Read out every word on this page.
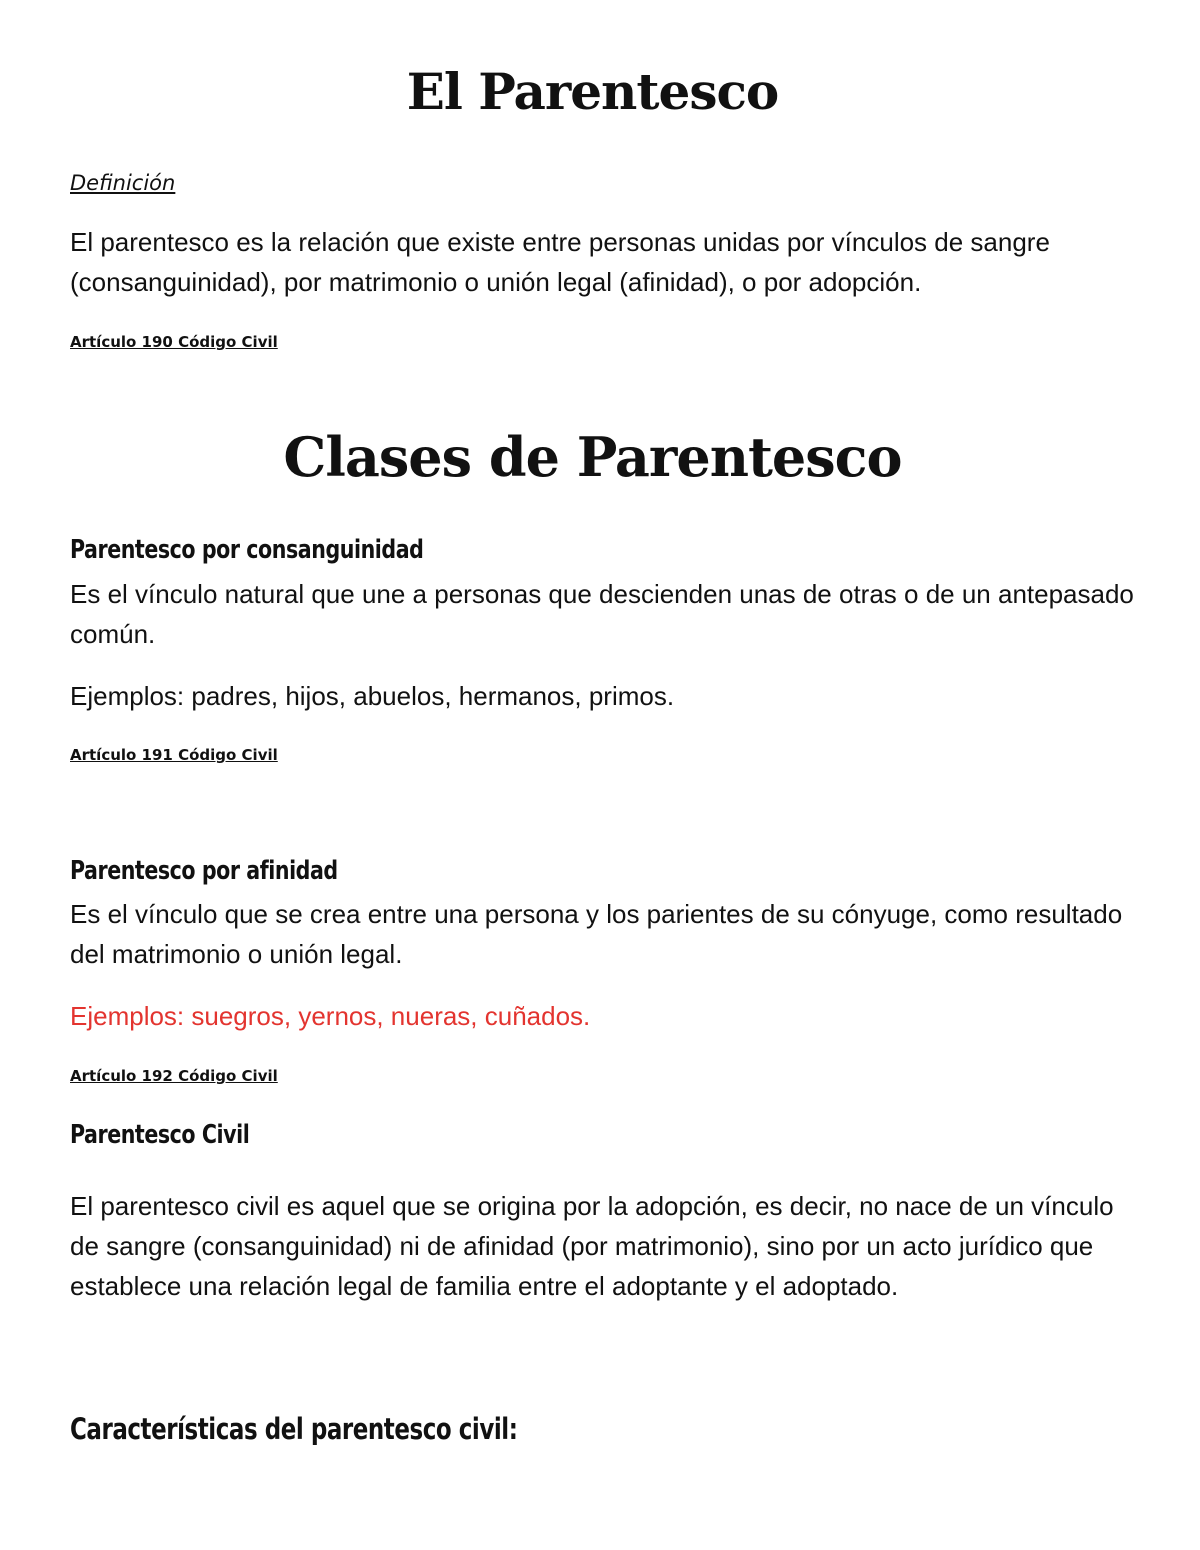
El Parentesco
Definición

El parentesco es la relación que existe entre personas unidas por vínculos de sangre (consanguinidad), por matrimonio o unión legal (afinidad), o por adopción.

Artículo 190 Código Civil
Clases de Parentesco
Parentesco por consanguinidad

Es el vínculo natural que une a personas que descienden unas de otras o de un antepasado común.

Ejemplos: padres, hijos, abuelos, hermanos, primos.

Artículo 191 Código Civil
Parentesco por afinidad

Es el vínculo que se crea entre una persona y los parientes de su cónyuge, como resultado del matrimonio o unión legal.

Ejemplos: suegros, yernos, nueras, cuñados.

Artículo 192 Código Civil
Parentesco Civil

El parentesco civil es aquel que se origina por la adopción, es decir, no nace de un vínculo de sangre (consanguinidad) ni de afinidad (por matrimonio), sino por un acto jurídico que establece una relación legal de familia entre el adoptante y el adoptado.

Características del parentesco civil:
